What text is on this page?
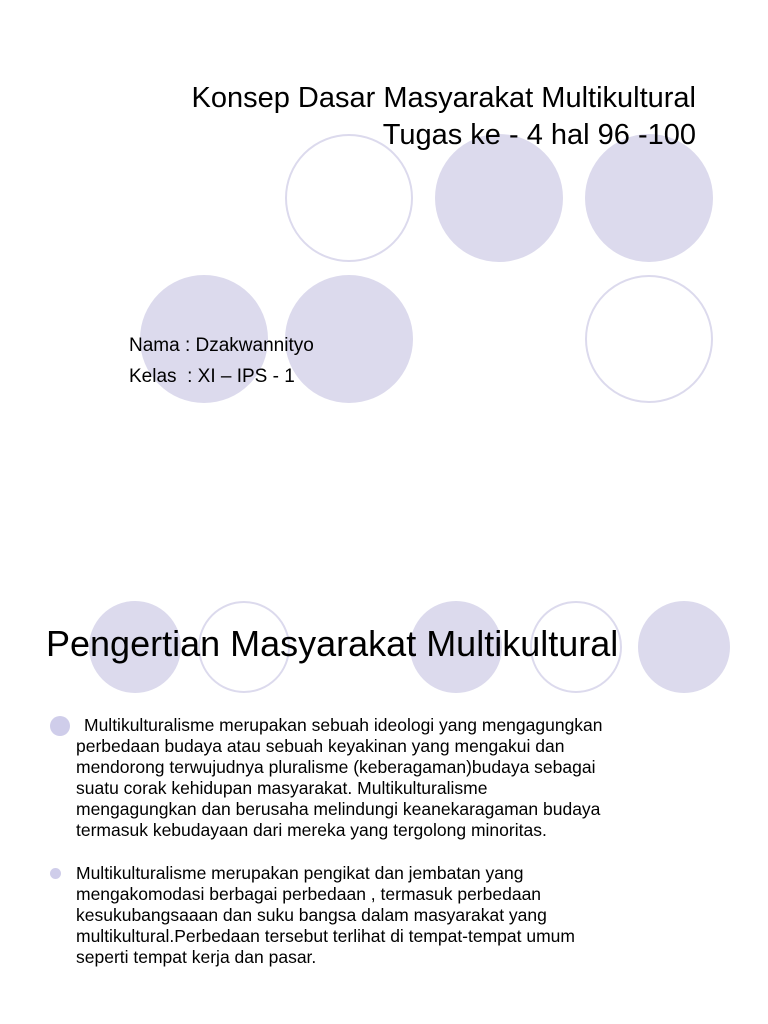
Konsep Dasar Masyarakat Multikultural
Tugas ke - 4 hal 96 -100
Nama : Dzakwannityo
Kelas  : XI – IPS - 1
Pengertian Masyarakat Multikultural
Multikulturalisme merupakan sebuah ideologi yang mengagungkan
perbedaan budaya atau sebuah keyakinan yang mengakui dan
mendorong terwujudnya pluralisme (keberagaman)budaya sebagai
suatu corak kehidupan masyarakat. Multikulturalisme
mengagungkan dan berusaha melindungi keanekaragaman budaya
termasuk kebudayaan dari mereka yang tergolong minoritas.
Multikulturalisme merupakan pengikat dan jembatan yang
mengakomodasi berbagai perbedaan , termasuk perbedaan
kesukubangsaaan dan suku bangsa dalam masyarakat yang
multikultural.Perbedaan tersebut terlihat di tempat-tempat umum
seperti tempat kerja dan pasar.
